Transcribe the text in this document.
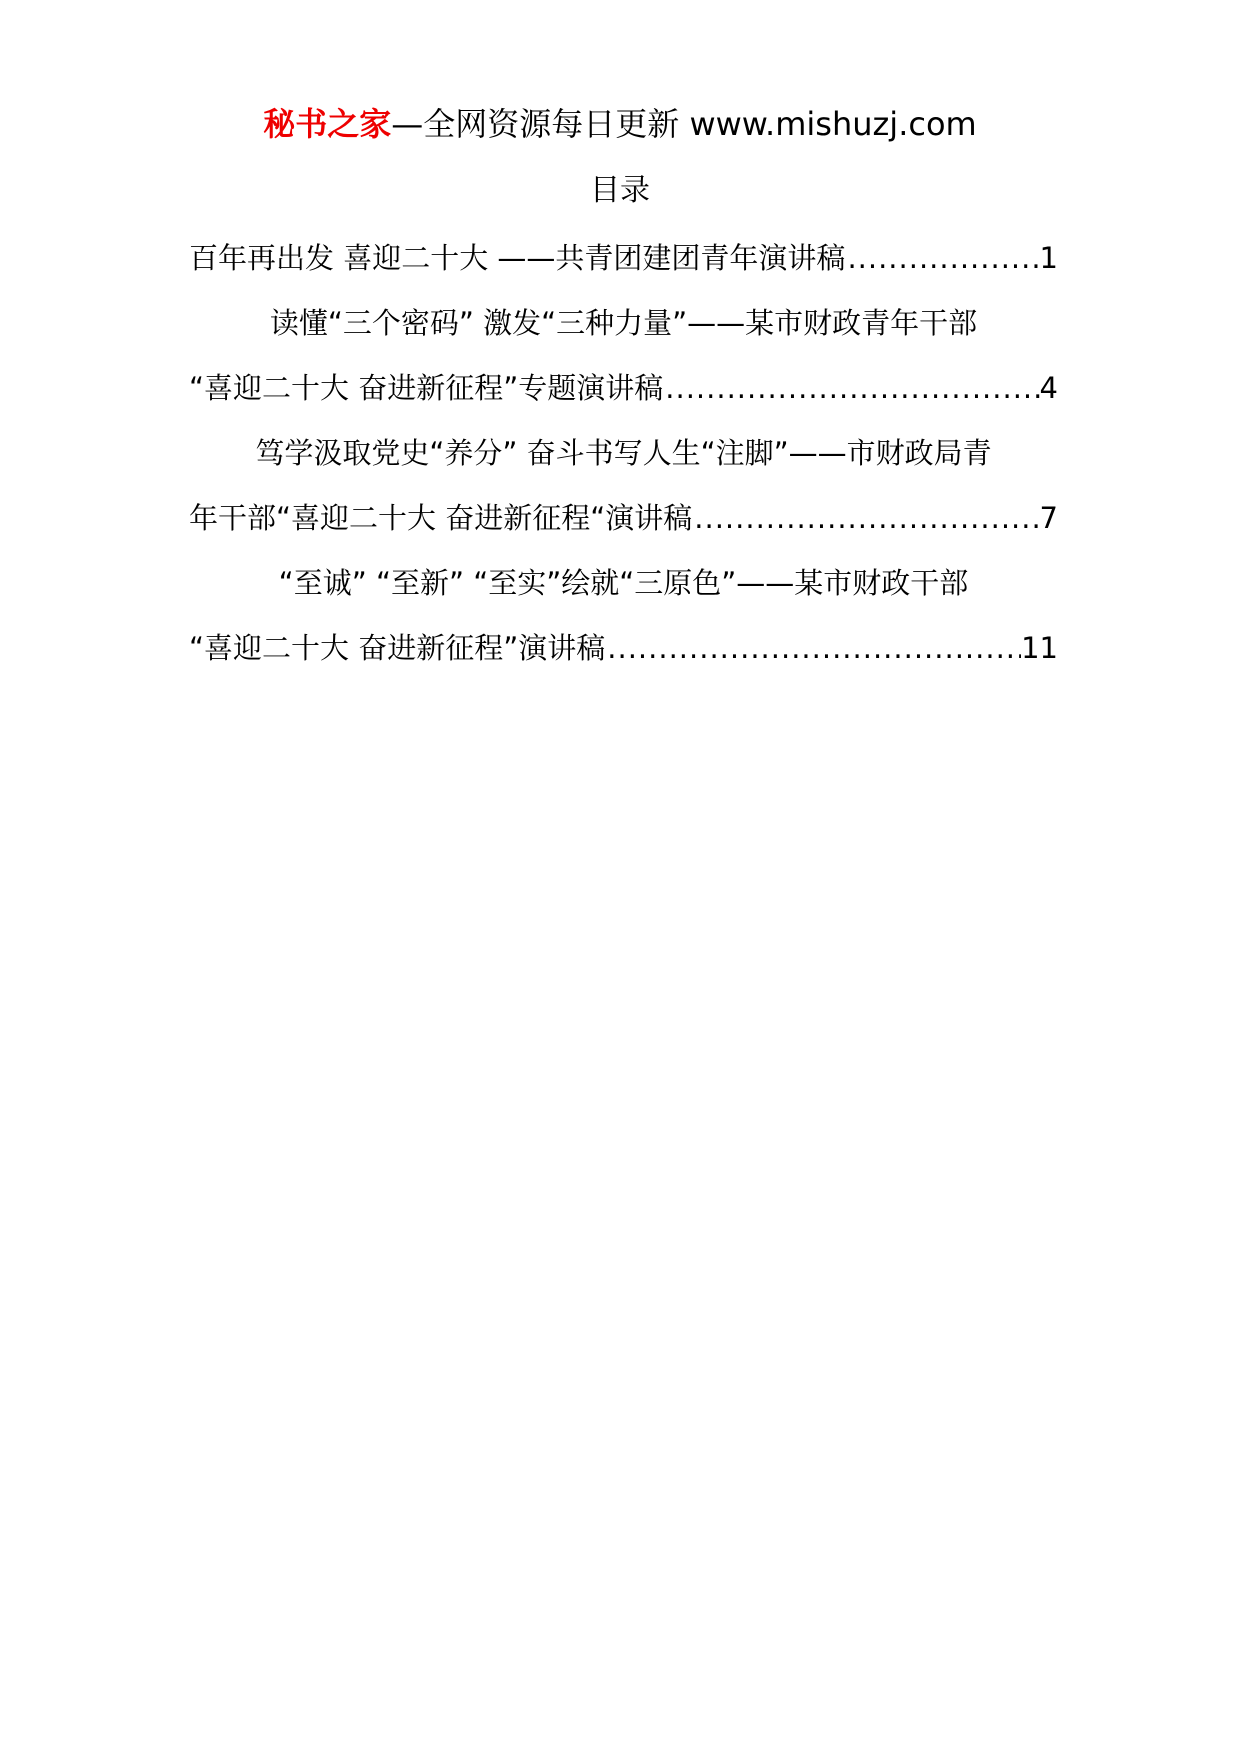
秘书之家—全网资源每日更新 www.mishuzj.com
目录
百年再出发 喜迎二十大 ——共青团建团青年演讲稿 .....	1
读懂“三个密码” 激发“三种力量”——某市财政青年干部
“喜迎二十大 奋进新征程”专题演讲稿 .....	4
笃学汲取党史“养分” 奋斗书写人生“注脚”——市财政局青
年干部“喜迎二十大 奋进新征程“演讲稿 .....	7
“至诚” “至新” “至实”绘就“三原色”——某市财政干部
“喜迎二十大 奋进新征程”演讲稿 .....	11
